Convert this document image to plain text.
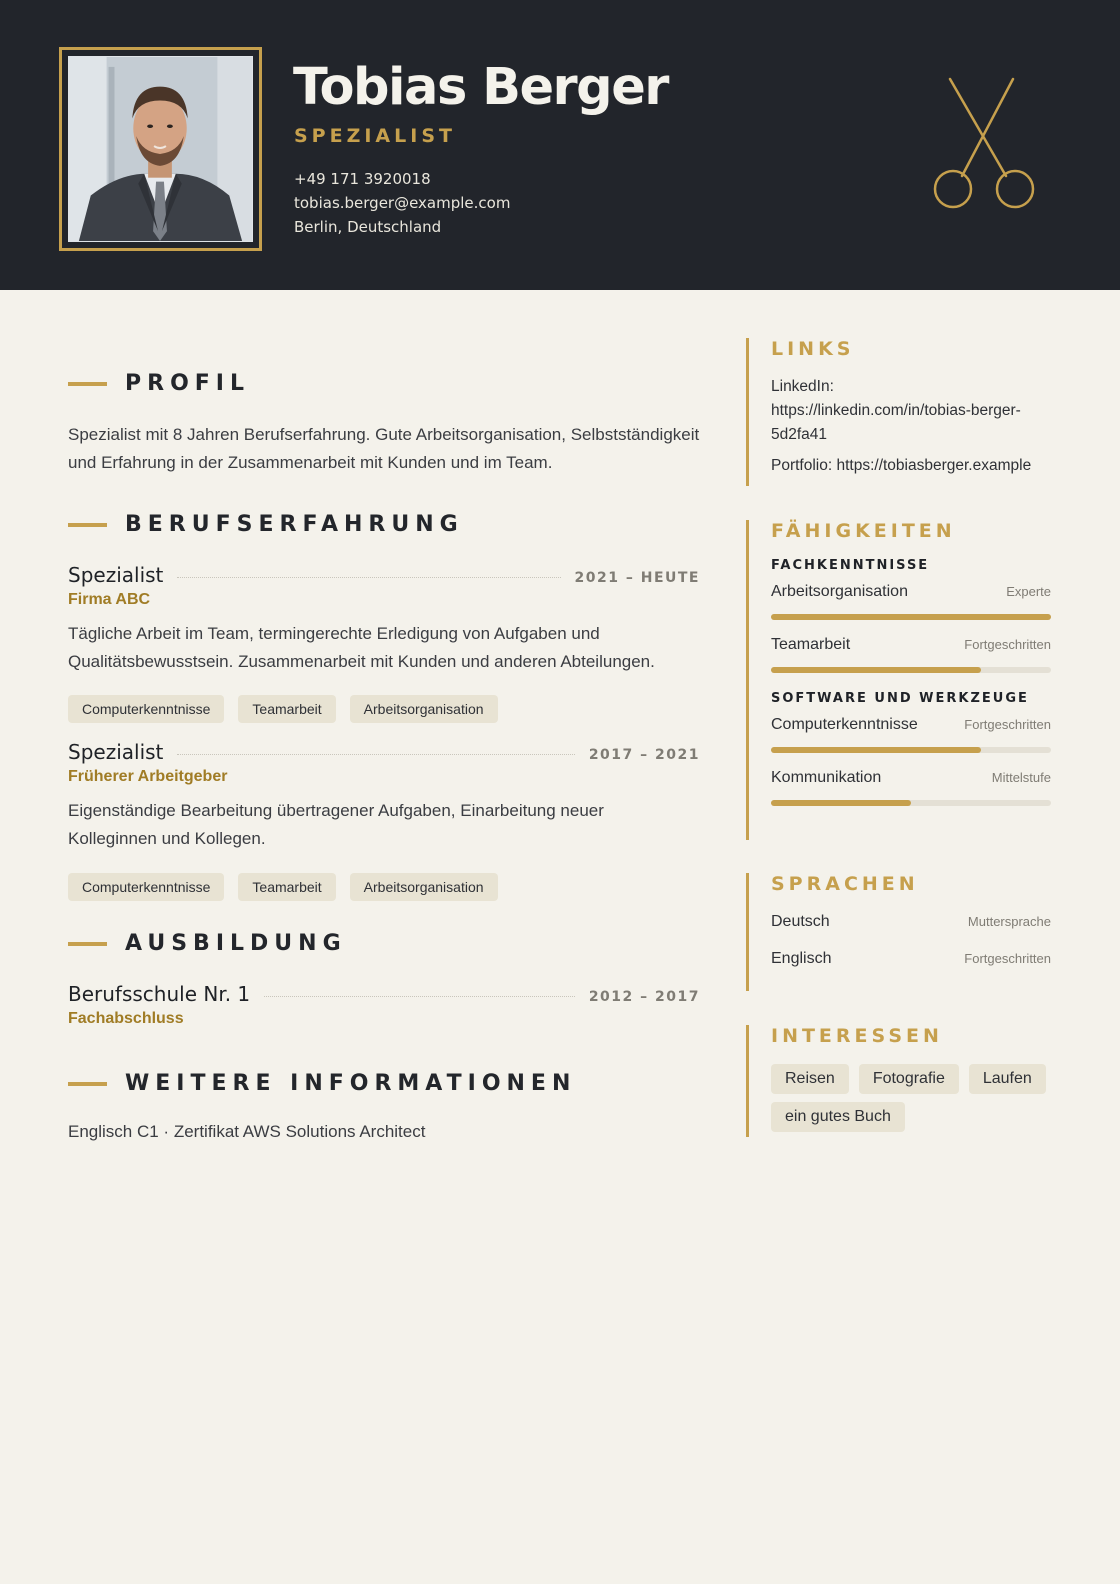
Tobias Berger
SPEZIALIST
+49 171 3920018
tobias.berger@example.com
Berlin, Deutschland
PROFIL
Spezialist mit 8 Jahren Berufserfahrung. Gute Arbeitsorganisation, Selbstständigkeit und Erfahrung in der Zusammenarbeit mit Kunden und im Team.
BERUFSERFAHRUNG
Spezialist	2021 – HEUTE
Firma ABC
Tägliche Arbeit im Team, termingerechte Erledigung von Aufgaben und Qualitätsbewusstsein. Zusammenarbeit mit Kunden und anderen Abteilungen.
Computerkenntnisse	Teamarbeit	Arbeitsorganisation
Spezialist	2017 – 2021
Früherer Arbeitgeber
Eigenständige Bearbeitung übertragener Aufgaben, Einarbeitung neuer Kolleginnen und Kollegen.
Computerkenntnisse	Teamarbeit	Arbeitsorganisation
AUSBILDUNG
Berufsschule Nr. 1	2012 – 2017
Fachabschluss
WEITERE INFORMATIONEN
Englisch C1 · Zertifikat AWS Solutions Architect
LINKS
LinkedIn:
https://linkedin.com/in/tobias-berger-
5d2fa41
Portfolio: https://tobiasberger.example
FÄHIGKEITEN
FACHKENNTNISSE
Arbeitsorganisation	Experte
Teamarbeit	Fortgeschritten
SOFTWARE UND WERKZEUGE
Computerkenntnisse	Fortgeschritten
Kommunikation	Mittelstufe
SPRACHEN
Deutsch	Muttersprache
Englisch	Fortgeschritten
INTERESSEN
Reisen Fotografie Laufenein gutes Buch
